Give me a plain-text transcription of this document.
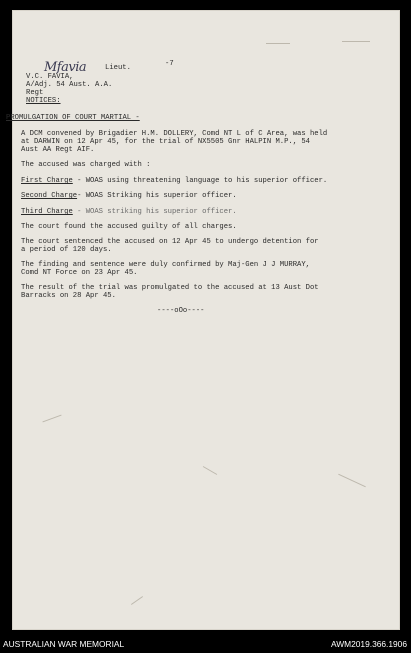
Mfavia	Lieut.	-7
V.C. FAVIA,
A/Adj. 54 Aust. A.A.
Regt
NOTICES:
PROMULGATION OF COURT MARTIAL -
A DCM convened by Brigadier H.M. DOLLERY, Comd NT L of C Area, was held
at DARWIN on 12 Apr 45, for the trial of NX5505 Gnr HALPIN M.P., 54
Aust AA Regt AIF.
The accused was charged with :
First Charge - WOAS using threatening language to his superior officer.
Second Charge- WOAS Striking his superior officer.
Third Charge - WOAS striking his superior officer.
The court found the accused guilty of all charges.
The court sentenced the accused on 12 Apr 45 to undergo detention for
a period of 120 days.
The finding and sentence were duly confirmed by Maj-Gen J J MURRAY,
Comd NT Force on 23 Apr 45.
The result of the trial was promulgated to the accused at 13 Aust Dot
Barracks on 28 Apr 45.
----oOo----
AUSTRALIAN WAR MEMORIAL	AWM2019.366.1906
